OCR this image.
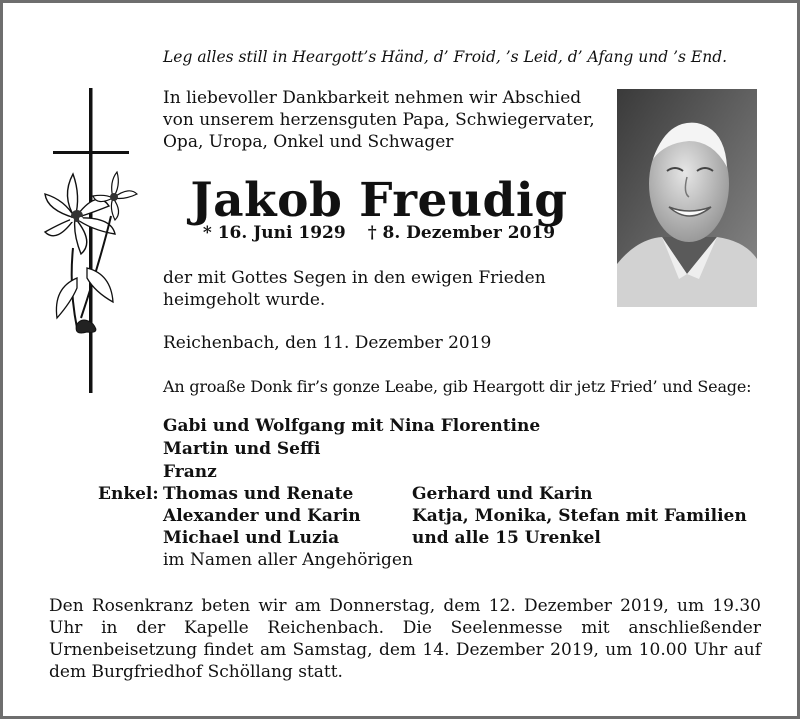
Leg alles still in Heargott’s Händ, d’ Froid, ’s Leid, d’ Afang und ’s End.
In liebevoller Dankbarkeit nehmen wir Abschied
von unserem herzensguten Papa, Schwiegervater,
Opa, Uropa, Onkel und Schwager
Jakob Freudig
* 16. Juni 1929 † 8. Dezember 2019
der mit Gottes Segen in den ewigen Frieden
heimgeholt wurde.
Reichenbach, den 11. Dezember 2019
An groaße Donk fir’s gonze Leabe, gib Heargott dir jetz Fried’ und Seage:
Gabi und Wolfgang mit Nina Florentine
Martin und Seffi
Franz
Enkel: Thomas und Renate
Alexander und Karin
Michael und Luzia
Gerhard und Karin
Katja, Monika, Stefan mit Familien
und alle 15 Urenkel
im Namen aller Angehörigen
Den Rosenkranz beten wir am Donnerstag, dem 12. Dezember 2019, um 19.30 Uhr in der Kapelle Reichenbach. Die Seelenmesse mit anschließender Urnenbeisetzung findet am Samstag, dem 14. Dezember 2019, um 10.00 Uhr auf dem Burgfriedhof Schöllang statt.
